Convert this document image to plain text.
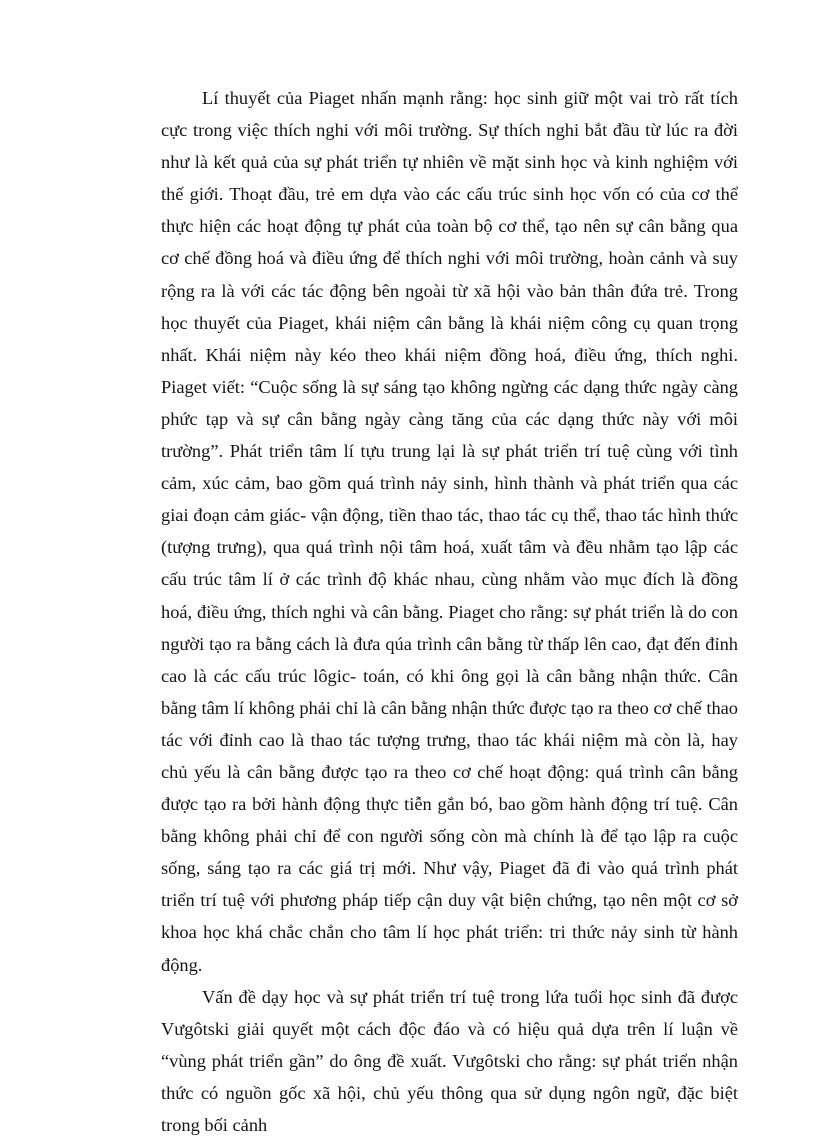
Lí thuyết của Piaget nhấn mạnh rằng: học sinh giữ một vai trò rất tích cực trong việc thích nghi với môi trường. Sự thích nghi bắt đầu từ lúc ra đời như là kết quả của sự phát triển tự nhiên về mặt sinh học và kinh nghiệm với thế giới. Thoạt đầu, trẻ em dựa vào các cấu trúc sinh học vốn có của cơ thể thực hiện các hoạt động tự phát của toàn bộ cơ thể, tạo nên sự cân bằng qua cơ chế đồng hoá và điều ứng để thích nghi với môi trường, hoàn cảnh và suy rộng ra là với các tác động bên ngoài từ xã hội vào bản thân đứa trẻ. Trong học thuyết của Piaget, khái niệm cân bằng là khái niệm công cụ quan trọng nhất. Khái niệm này kéo theo khái niệm đồng hoá, điều ứng, thích nghi. Piaget viết: “Cuộc sống là sự sáng tạo không ngừng các dạng thức ngày càng phức tạp và sự cân bằng ngày càng tăng của các dạng thức này với môi trường”. Phát triển tâm lí tựu trung lại là sự phát triển trí tuệ cùng với tình cảm, xúc cảm, bao gồm quá trình nảy sinh, hình thành và phát triển qua các giai đoạn cảm giác- vận động, tiền thao tác, thao tác cụ thể, thao tác hình thức (tượng trưng), qua quá trình nội tâm hoá, xuất tâm và đều nhằm tạo lập các cấu trúc tâm lí ở các trình độ khác nhau, cùng nhằm vào mục đích là đồng hoá, điều ứng, thích nghi và cân bằng. Piaget cho rằng: sự phát triển là do con người tạo ra bằng cách là đưa qúa trình cân bằng từ thấp lên cao, đạt đến đỉnh cao là các cấu trúc lôgic- toán, có khi ông gọi là cân bằng nhận thức. Cân bằng tâm lí không phải chỉ là cân bằng nhận thức được tạo ra theo cơ chế thao tác với đỉnh cao là thao tác tượng trưng, thao tác khái niệm mà còn là, hay chủ yếu là cân bằng được tạo ra theo cơ chế hoạt động: quá trình cân bằng được tạo ra bởi hành động thực tiễn gắn bó, bao gồm hành động trí tuệ. Cân bằng không phải chỉ để con người sống còn mà chính là để tạo lập ra cuộc sống, sáng tạo ra các giá trị mới. Như vậy, Piaget đã đi vào quá trình phát triển trí tuệ với phương pháp tiếp cận duy vật biện chứng, tạo nên một cơ sở khoa học khá chắc chắn cho tâm lí học phát triển: tri thức nảy sinh từ hành động.

Vấn đề dạy học và sự phát triển trí tuệ trong lứa tuổi học sinh đã được Vưgôtski giải quyết một cách độc đáo và có hiệu quả dựa trên lí luận về “vùng phát triển gần” do ông đề xuất. Vưgôtski cho rằng: sự phát triển nhận thức có nguồn gốc xã hội, chủ yếu thông qua sử dụng ngôn ngữ, đặc biệt trong bối cảnh
